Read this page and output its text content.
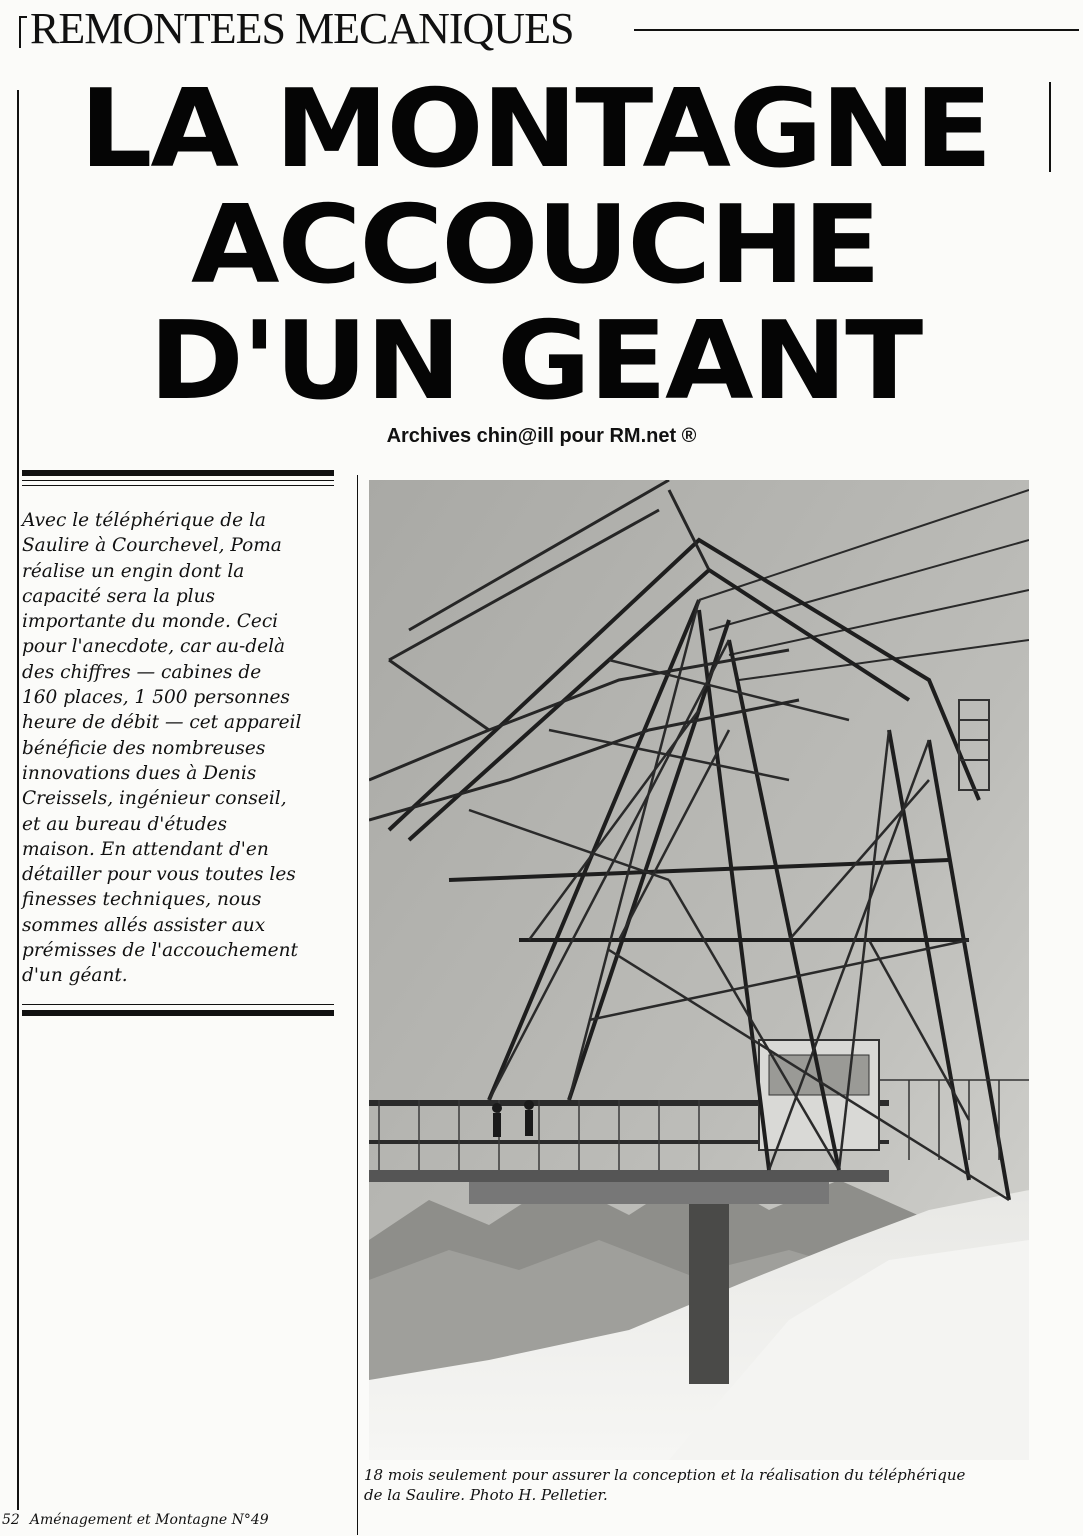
REMONTEES MECANIQUES
LA MONTAGNE
ACCOUCHE
D'UN GEANT
Archives chin@ill pour RM.net ®
Avec le téléphérique de la
Saulire à Courchevel, Poma
réalise un engin dont la
capacité sera la plus
importante du monde. Ceci
pour l'anecdote, car au-delà
des chiffres — cabines de
160 places, 1 500 personnes
heure de débit — cet appareil
bénéficie des nombreuses
innovations dues à Denis
Creissels, ingénieur conseil,
et au bureau d'études
maison. En attendant d'en
détailler pour vous toutes les
finesses techniques, nous
sommes allés assister aux
prémisses de l'accouchement
d'un géant.
18 mois seulement pour assurer la conception et la réalisation du téléphérique
de la Saulire. Photo H. Pelletier.
52 Aménagement et Montagne N°49
